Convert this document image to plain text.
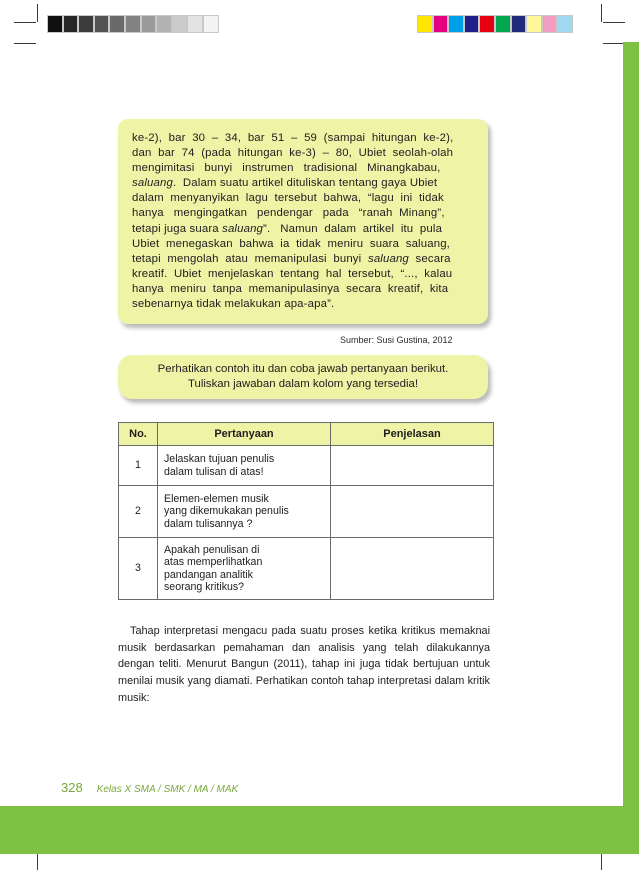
ke-2),  bar  30  –  34,  bar  51  –  59  (sampai  hitungan  ke-2),

dan  bar  74  (pada  hitungan  ke-3)  –  80,  Ubiet  seolah-olah

mengimitasi   bunyi   instrumen   tradisional   Minangkabau,

saluang.  Dalam suatu artikel dituliskan tentang gaya Ubiet

dalam  menyanyikan  lagu  tersebut  bahwa,  “lagu  ini  tidak

hanya   mengingatkan   pendengar   pada   “ranah  Minang”,

tetapi juga suara saluang”.   Namun  dalam  artikel  itu  pula

Ubiet  menegaskan  bahwa  ia  tidak  meniru  suara  saluang,

tetapi  mengolah  atau  memanipulasi  bunyi  saluang  secara

kreatif.  Ubiet  menjelaskan  tentang  hal  tersebut,  “...,  kalau

hanya  meniru  tanpa  memanipulasinya  secara  kreatif,  kita

sebenarnya tidak melakukan apa-apa”.

Sumber: Susi Gustina, 2012
Perhatikan contoh itu dan coba jawab pertanyaan berikut.
Tuliskan jawaban dalam kolom yang tersedia!
No.	Pertanyaan	Penjelasan
1	Jelaskan tujuan penulis
dalam tulisan di atas!	

2	Elemen-elemen musik
yang dikemukakan penulis
dalam tulisannya ?	

3	Apakah penulisan di
atas memperlihatkan
pandangan analitik
seorang kritikus?	

Tahap interpretasi mengacu pada suatu proses ketika kritikus memaknai musik berdasarkan pemahaman dan analisis yang telah dilakukannya dengan teliti. Menurut Bangun (2011), tahap ini juga tidak bertujuan untuk menilai musik yang diamati. Perhatikan contoh tahap interpretasi dalam kritik musik:

328 Kelas X SMA / SMK / MA / MAK
